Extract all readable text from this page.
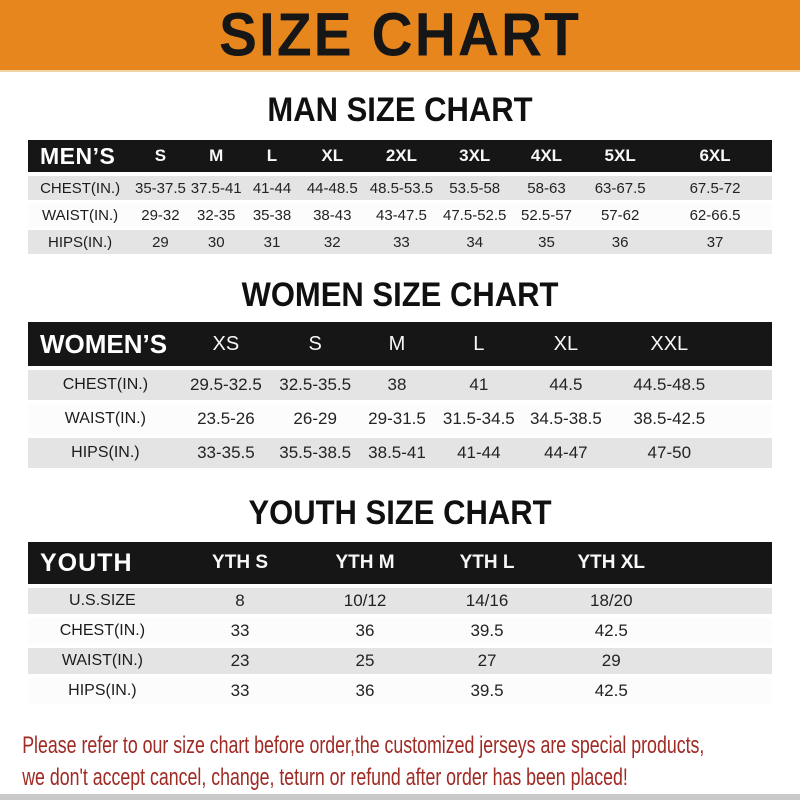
SIZE CHART
MAN SIZE CHART
MEN’S	S	M	L	XL	2XL	3XL	4XL	5XL	6XL
CHEST(IN.) 35-37.5 37.5-41 41-44	44-48.5 48.5-53.5	53.5-58	58-63	63-67.5	67.5-72
WAIST(IN.)	29-32	32-35	35-38	38-43	43-47.5	47.5-52.5 52.5-57	57-62	62-66.5
HIPS(IN.)	29	30	31	32	33	34	35	36	37
WOMEN SIZE CHART
WOMEN’S	XS	S	M	L	XL	XXL
CHEST(IN.)	29.5-32.5	32.5-35.5	38	41	44.5	44.5-48.5
WAIST(IN.)	23.5-26	26-29	29-31.5	31.5-34.5 34.5-38.5	38.5-42.5
HIPS(IN.)	33-35.5	35.5-38.5	38.5-41	41-44	44-47	47-50
YOUTH SIZE CHART
YOUTH	YTH S	YTH M	YTH L	YTH XL
U.S.SIZE	8	10/12	14/16	18/20
CHEST(IN.)	33	36	39.5	42.5
WAIST(IN.)	23	25	27	29
HIPS(IN.)	33	36	39.5	42.5

Please refer to our size chart before order,the customized jerseys are special products,

we don't accept cancel, change, teturn or refund after order has been placed!
